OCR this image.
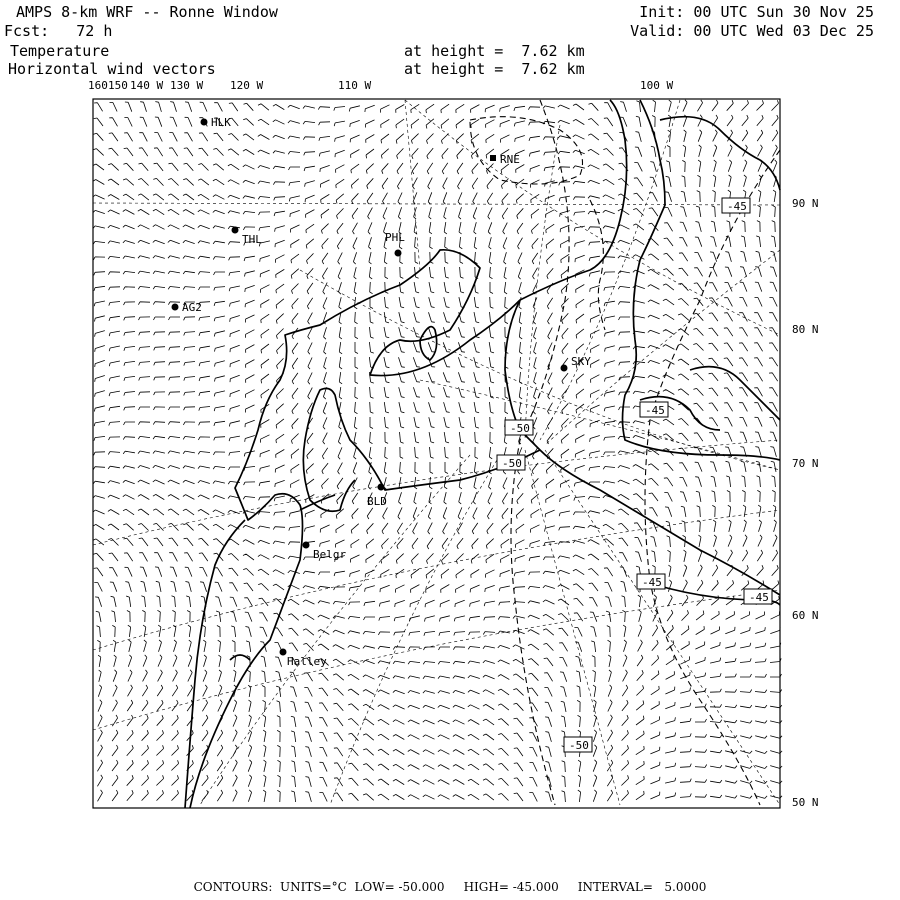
AMPS 8-km WRF -- Ronne Window
Fcst:   72 h
Temperature
Horizontal wind vectors
Init: 00 UTC Sun 30 Nov 25
Valid: 00 UTC Wed 03 Dec 25
at height =  7.62 km
at height =  7.62 km
160 150 140 W 130 W 120 W	110 W	100 W
90 N
80 N
70 N
60 N
50 N
HLK
RNE
THL	PHL
AG2
SKY
BLD
Belgr
Halley
-45
-50
-50
-45
-45
-45
-50
CONTOURS:  UNITS=°C  LOW= -50.000     HIGH= -45.000     INTERVAL=   5.0000
